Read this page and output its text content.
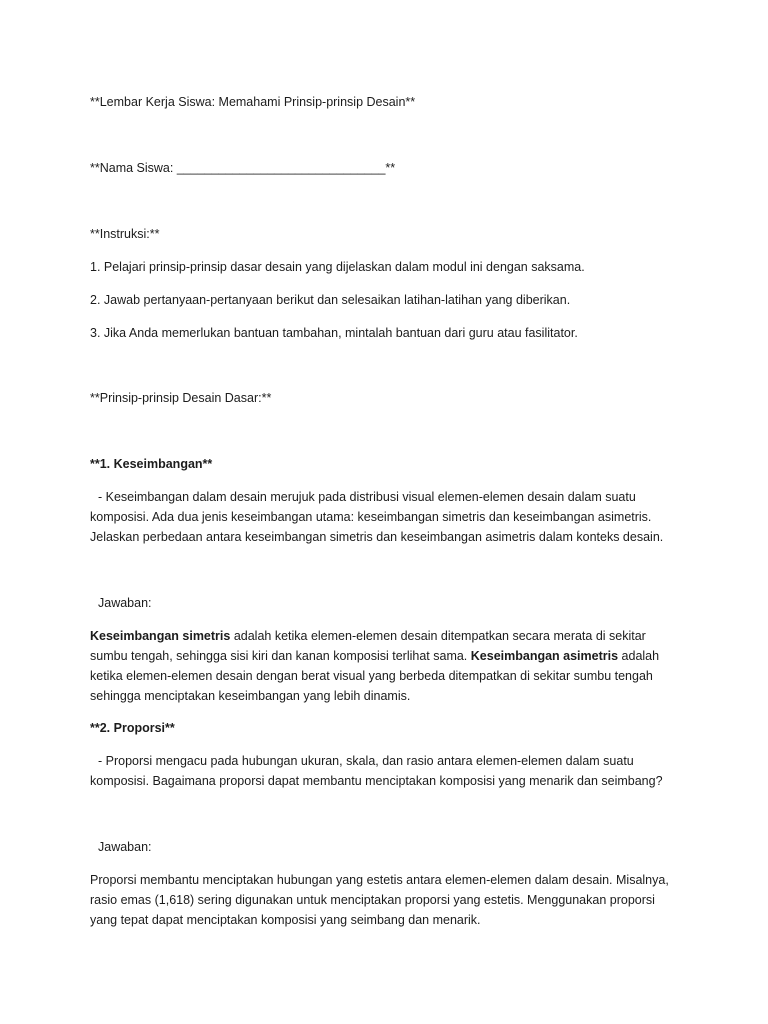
**Lembar Kerja Siswa: Memahami Prinsip-prinsip Desain**

**Nama Siswa: ______________________________**

**Instruksi:**

1. Pelajari prinsip-prinsip dasar desain yang dijelaskan dalam modul ini dengan saksama.

2. Jawab pertanyaan-pertanyaan berikut dan selesaikan latihan-latihan yang diberikan.

3. Jika Anda memerlukan bantuan tambahan, mintalah bantuan dari guru atau fasilitator.

**Prinsip-prinsip Desain Dasar:**

**1. Keseimbangan**

- Keseimbangan dalam desain merujuk pada distribusi visual elemen-elemen desain dalam suatu

komposisi. Ada dua jenis keseimbangan utama: keseimbangan simetris dan keseimbangan asimetris.

Jelaskan perbedaan antara keseimbangan simetris dan keseimbangan asimetris dalam konteks desain.

Jawaban:

Keseimbangan simetris adalah ketika elemen-elemen desain ditempatkan secara merata di sekitar sumbu tengah, sehingga sisi kiri dan kanan komposisi terlihat sama. Keseimbangan asimetris adalah ketika elemen-elemen desain dengan berat visual yang berbeda ditempatkan di sekitar sumbu tengah sehingga menciptakan keseimbangan yang lebih dinamis.

**2. Proporsi**

- Proporsi mengacu pada hubungan ukuran, skala, dan rasio antara elemen-elemen dalam suatu

komposisi. Bagaimana proporsi dapat membantu menciptakan komposisi yang menarik dan seimbang?

Jawaban:

Proporsi membantu menciptakan hubungan yang estetis antara elemen-elemen dalam desain. Misalnya,

rasio emas (1,618) sering digunakan untuk menciptakan proporsi yang estetis. Menggunakan proporsi

yang tepat dapat menciptakan komposisi yang seimbang dan menarik.
